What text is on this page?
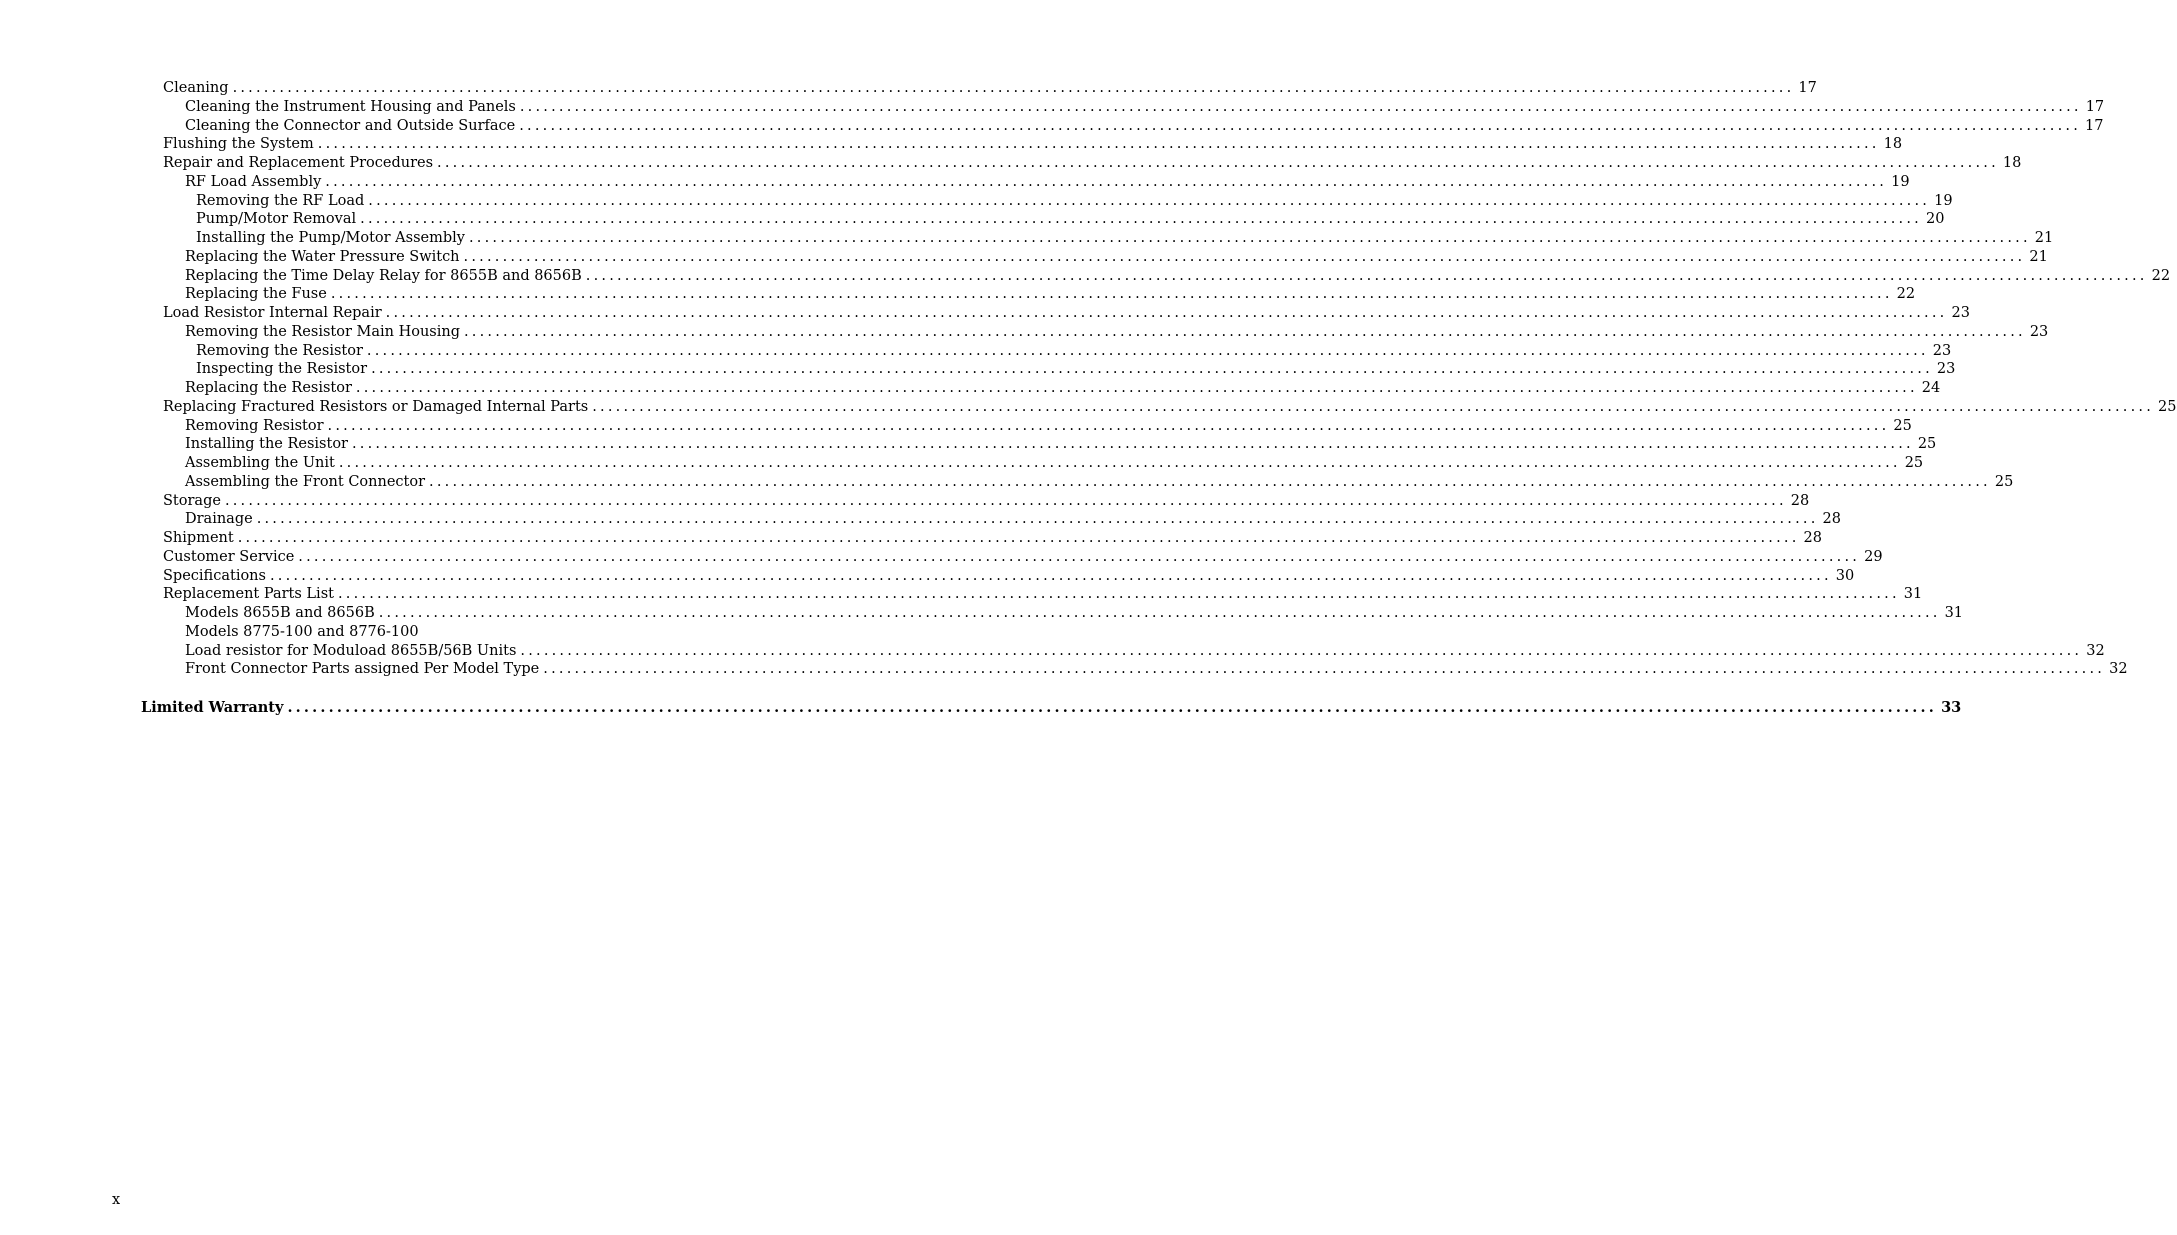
Cleaning ........................................................................................................................................................................................................ 17
Cleaning the Instrument Housing and Panels ........................................................................................................................................................................................................ 17
Cleaning the Connector and Outside Surface ........................................................................................................................................................................................................ 17
Flushing the System ........................................................................................................................................................................................................ 18
Repair and Replacement Procedures ........................................................................................................................................................................................................ 18
RF Load Assembly ........................................................................................................................................................................................................ 19
Removing the RF Load ........................................................................................................................................................................................................ 19
Pump/Motor Removal ........................................................................................................................................................................................................ 20
Installing the Pump/Motor Assembly ........................................................................................................................................................................................................ 21
Replacing the Water Pressure Switch ........................................................................................................................................................................................................ 21
Replacing the Time Delay Relay for 8655B and 8656B ........................................................................................................................................................................................................ 22
Replacing the Fuse ........................................................................................................................................................................................................ 22
Load Resistor Internal Repair ........................................................................................................................................................................................................ 23
Removing the Resistor Main Housing ........................................................................................................................................................................................................ 23
Removing the Resistor ........................................................................................................................................................................................................ 23
Inspecting the Resistor ........................................................................................................................................................................................................ 23
Replacing the Resistor ........................................................................................................................................................................................................ 24
Replacing Fractured Resistors or Damaged Internal Parts ........................................................................................................................................................................................................ 25
Removing Resistor ........................................................................................................................................................................................................ 25
Installing the Resistor ........................................................................................................................................................................................................ 25
Assembling the Unit ........................................................................................................................................................................................................ 25
Assembling the Front Connector ........................................................................................................................................................................................................ 25
Storage ........................................................................................................................................................................................................ 28
Drainage ........................................................................................................................................................................................................ 28
Shipment ........................................................................................................................................................................................................ 28
Customer Service ........................................................................................................................................................................................................ 29
Specifications ........................................................................................................................................................................................................ 30
Replacement Parts List ........................................................................................................................................................................................................ 31
Models 8655B and 8656B ........................................................................................................................................................................................................ 31
Models 8775-100 and 8776-100
Load resistor for Moduload 8655B/56B Units ........................................................................................................................................................................................................ 32
Front Connector Parts assigned Per Model Type ........................................................................................................................................................................................................ 32
Limited Warranty ........................................................................................................................................................................................................ 33
x
